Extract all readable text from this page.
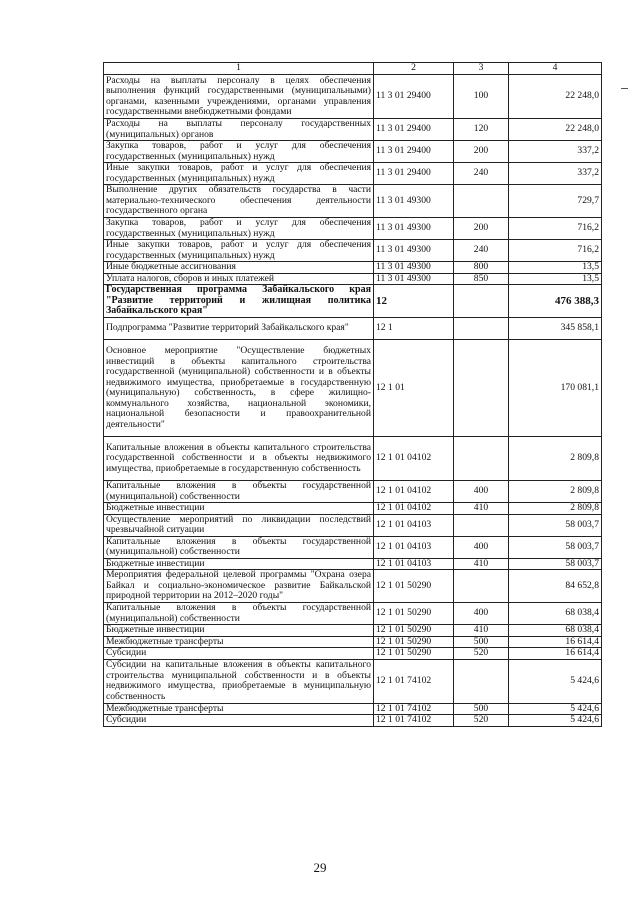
1	2	3	4
Расходы на выплаты персоналу в целях обеспечения выполнения функций государственными (муниципальными) органами, казенными учреждениями, органами управления государственными внебюджетными фондами	11 3 01 29400	100	22 248,0
Расходы на выплаты персоналу государственных (муниципальных) органов	11 3 01 29400	120	22 248,0
Закупка товаров, работ и услуг для обеспечения государственных (муниципальных) нужд	11 3 01 29400	200	337,2
Иные закупки товаров, работ и услуг для обеспечения государственных (муниципальных) нужд	11 3 01 29400	240	337,2
Выполнение других обязательств государства в части материально-технического обеспечения деятельности государственного органа	11 3 01 49300		729,7
Закупка товаров, работ и услуг для обеспечения государственных (муниципальных) нужд	11 3 01 49300	200	716,2
Иные закупки товаров, работ и услуг для обеспечения государственных (муниципальных) нужд	11 3 01 49300	240	716,2
Иные бюджетные ассигнования	11 3 01 49300	800	13,5
Уплата налогов, сборов и иных платежей	11 3 01 49300	850	13,5
Государственная программа Забайкальского края "Развитие территорий и жилищная политика Забайкальского края"	12		476 388,3
Подпрограмма "Развитие территорий Забайкальского края"	12 1		345 858,1
Основное мероприятие "Осуществление бюджетных инвестиций в объекты капитального строительства государственной (муниципальной) собственности и в объекты недвижимого имущества, приобретаемые в государственную (муниципальную) собственность, в сфере жилищно-коммунального хозяйства, национальной экономики, национальной безопасности и правоохранительной деятельности"	12 1 01		170 081,1
Капитальные вложения в объекты капитального строительства государственной собственности и в объекты недвижимого имущества, приобретаемые в государственную собственность	12 1 01 04102		2 809,8
Капитальные вложения в объекты государственной (муниципальной) собственности	12 1 01 04102	400	2 809,8
Бюджетные инвестиции	12 1 01 04102	410	2 809,8
Осуществление мероприятий по ликвидации последствий чрезвычайной ситуации	12 1 01 04103		58 003,7
Капитальные вложения в объекты государственной (муниципальной) собственности	12 1 01 04103	400	58 003,7
Бюджетные инвестиции	12 1 01 04103	410	58 003,7
Мероприятия федеральной целевой программы "Охрана озера Байкал и социально-экономическое развитие Байкальской природной территории на 2012–2020 годы"	12 1 01 50290		84 652,8
Капитальные вложения в объекты государственной (муниципальной) собственности	12 1 01 50290	400	68 038,4
Бюджетные инвестиции	12 1 01 50290	410	68 038,4
Межбюджетные трансферты	12 1 01 50290	500	16 614,4
Субсидии	12 1 01 50290	520	16 614,4
Субсидии на капитальные вложения в объекты капитального строительства муниципальной собственности и в объекты недвижимого имущества, приобретаемые в муниципальную собственность	12 1 01 74102		5 424,6
Межбюджетные трансферты	12 1 01 74102	500	5 424,6
Субсидии	12 1 01 74102	520	5 424,6
29
